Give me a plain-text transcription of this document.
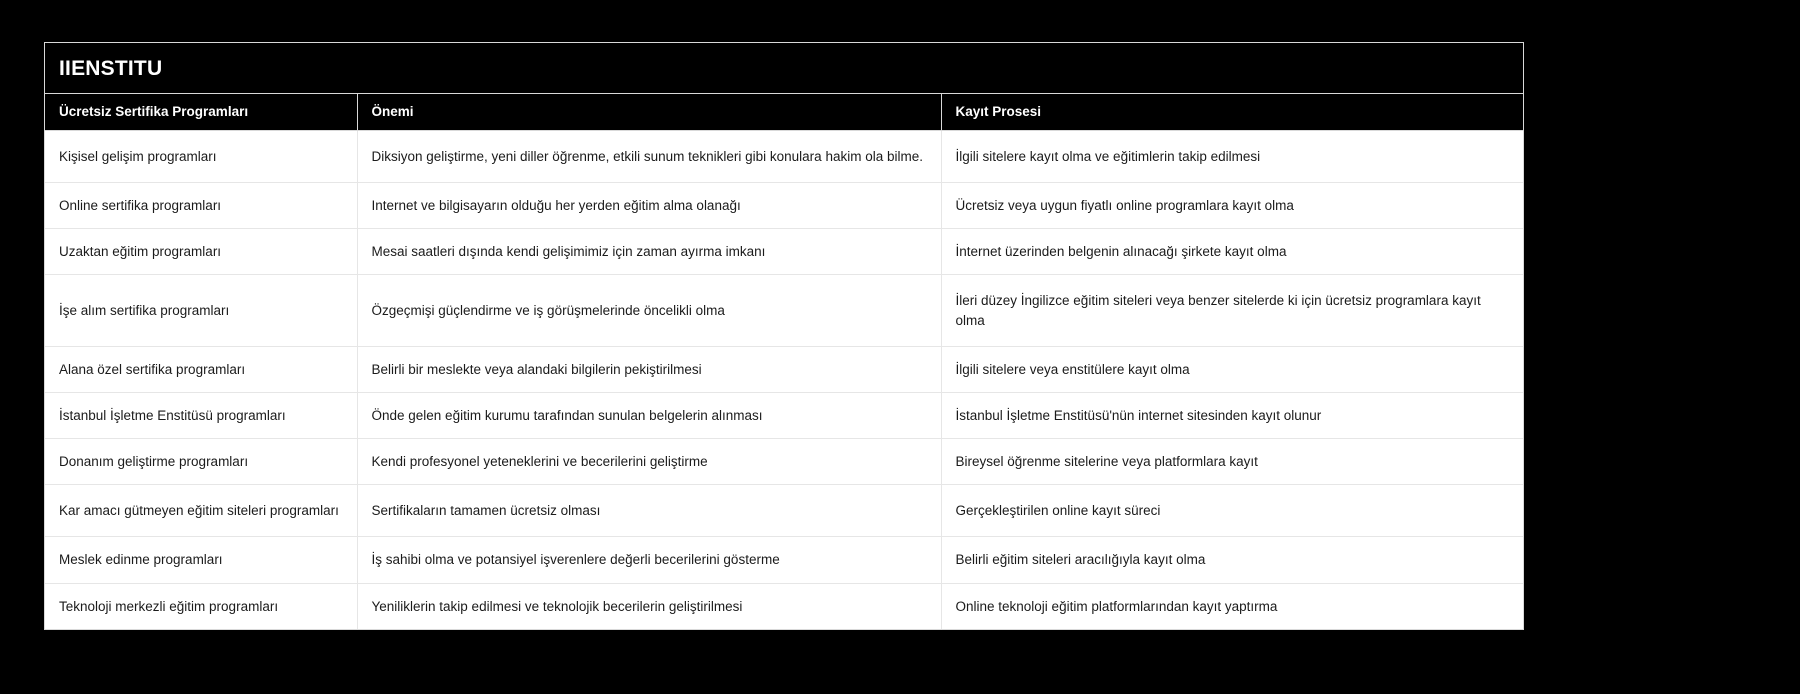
IIENSTITU
Ücretsiz Sertifika Programları	Önemi	Kayıt Prosesi
Kişisel gelişim programları	Diksiyon geliştirme, yeni diller öğrenme, etkili sunum teknikleri gibi konulara hakim ola bilme.	İlgili sitelere kayıt olma ve eğitimlerin takip edilmesi
Online sertifika programları	Internet ve bilgisayarın olduğu her yerden eğitim alma olanağı	Ücretsiz veya uygun fiyatlı online programlara kayıt olma
Uzaktan eğitim programları	Mesai saatleri dışında kendi gelişimimiz için zaman ayırma imkanı	İnternet üzerinden belgenin alınacağı şirkete kayıt olma
İşe alım sertifika programları	Özgeçmişi güçlendirme ve iş görüşmelerinde öncelikli olma	İleri düzey İngilizce eğitim siteleri veya benzer sitelerde ki için ücretsiz programlara kayıt olma
Alana özel sertifika programları	Belirli bir meslekte veya alandaki bilgilerin pekiştirilmesi	İlgili sitelere veya enstitülere kayıt olma
İstanbul İşletme Enstitüsü programları	Önde gelen eğitim kurumu tarafından sunulan belgelerin alınması	İstanbul İşletme Enstitüsü'nün internet sitesinden kayıt olunur
Donanım geliştirme programları	Kendi profesyonel yeteneklerini ve becerilerini geliştirme	Bireysel öğrenme sitelerine veya platformlara kayıt
Kar amacı gütmeyen eğitim siteleri programları	Sertifikaların tamamen ücretsiz olması	Gerçekleştirilen online kayıt süreci
Meslek edinme programları	İş sahibi olma ve potansiyel işverenlere değerli becerilerini gösterme	Belirli eğitim siteleri aracılığıyla kayıt olma
Teknoloji merkezli eğitim programları	Yeniliklerin takip edilmesi ve teknolojik becerilerin geliştirilmesi	Online teknoloji eğitim platformlarından kayıt yaptırma
